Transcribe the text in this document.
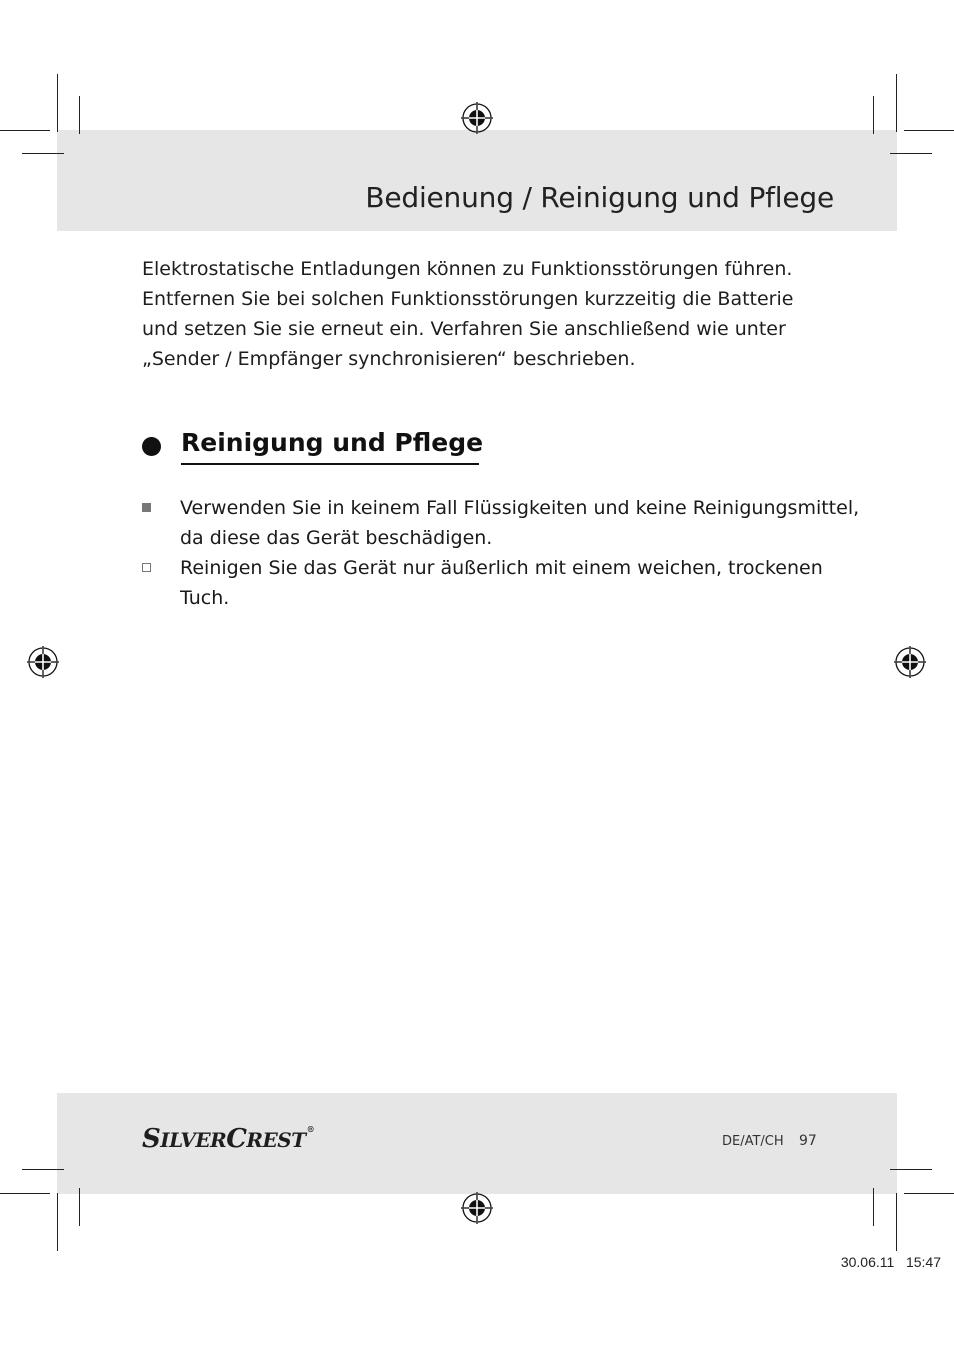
Bedienung / Reinigung und Pflege
Elektrostatische Entladungen können zu Funktionsstörungen führen.
Entfernen Sie bei solchen Funktionsstörungen kurzzeitig die Batterie
und setzen Sie sie erneut ein. Verfahren Sie anschließend wie unter
„Sender / Empfänger synchronisieren“ beschrieben.
Reinigung und Pflege
Verwenden Sie in keinem Fall Flüssigkeiten und keine Reinigungsmittel,
da diese das Gerät beschädigen.
Reinigen Sie das Gerät nur äußerlich mit einem weichen, trockenen
Tuch.
SILVERCREST®
DE/AT/CH 97
30.06.11   15:47
